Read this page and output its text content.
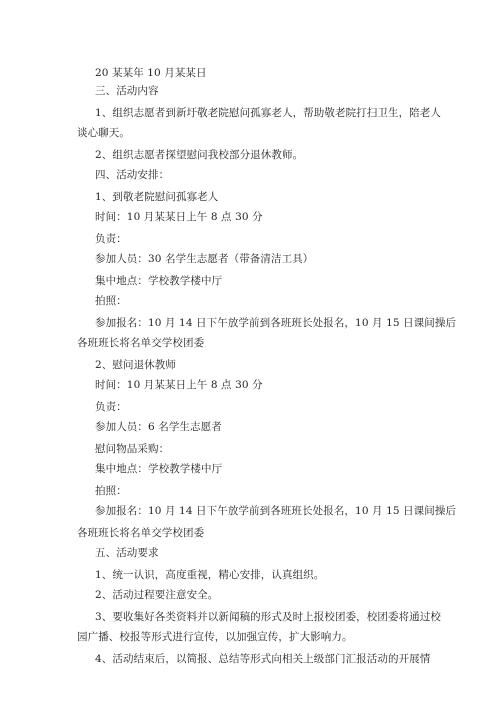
20 某某年 10 月某某日
三、活动内容
1、组织志愿者到新圩敬老院慰问孤寡老人，帮助敬老院打扫卫生，陪老人
谈心聊天。
2、组织志愿者探望慰问我校部分退休教师。
四、活动安排：
1、到敬老院慰问孤寡老人
时间：10 月某某日上午 8 点 30 分
负责：
参加人员：30 名学生志愿者（带备清洁工具）
集中地点：学校教学楼中厅
拍照：
参加报名：10 月 14 日下午放学前到各班班长处报名，10 月 15 日课间操后
各班班长将名单交学校团委
2、慰问退休教师
时间：10 月某某日上午 8 点 30 分
负责：
参加人员：6 名学生志愿者
慰问物品采购：
集中地点：学校教学楼中厅
拍照：
参加报名：10 月 14 日下午放学前到各班班长处报名，10 月 15 日课间操后
各班班长将名单交学校团委
五、活动要求
1、统一认识，高度重视，精心安排，认真组织。
2、活动过程要注意安全。
3、要收集好各类资料并以新闻稿的形式及时上报校团委，校团委将通过校
园广播、校报等形式进行宣传，以加强宣传，扩大影响力。
4、活动结束后，以简报、总结等形式向相关上级部门汇报活动的开展情
